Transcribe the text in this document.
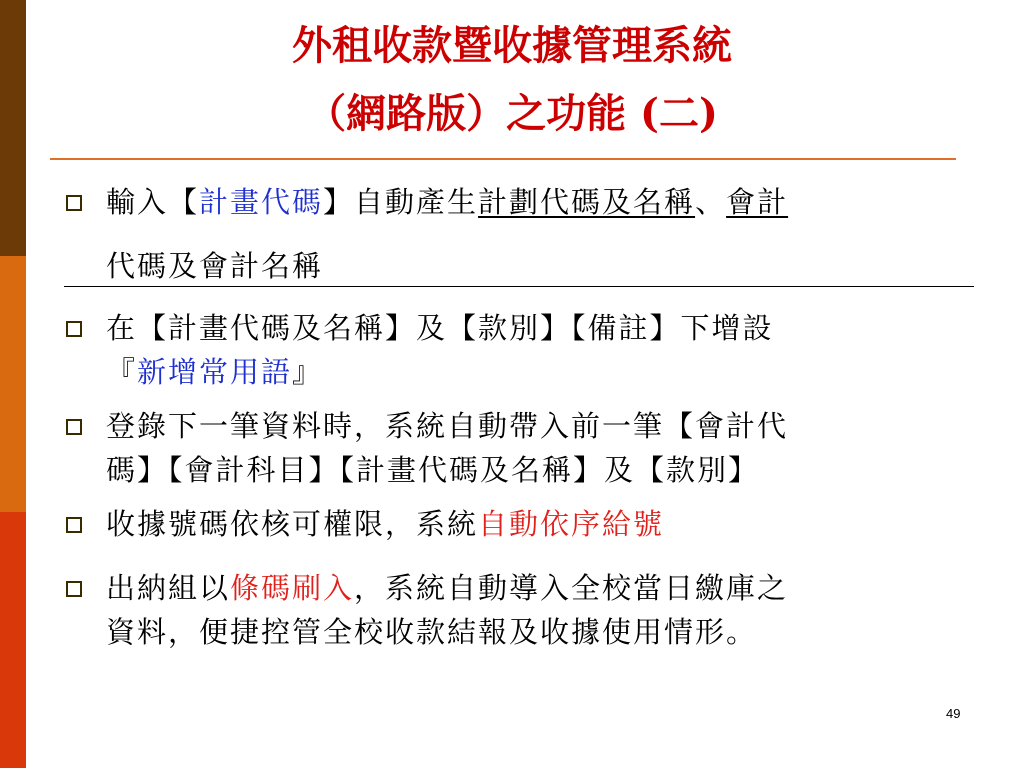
外租收款暨收據管理系統
（網路版）之功能 (二)
輸入【計畫代碼】自動產生計劃代碼及名稱、會計
代碼及會計名稱
在【計畫代碼及名稱】及【款別】【備註】下增設
『新增常用語』
登錄下一筆資料時，系統自動帶入前一筆【會計代
碼】【會計科目】【計畫代碼及名稱】及【款別】
收據號碼依核可權限，系統自動依序給號
出納組以條碼刷入，系統自動導入全校當日繳庫之
資料，便捷控管全校收款結報及收據使用情形。
49
